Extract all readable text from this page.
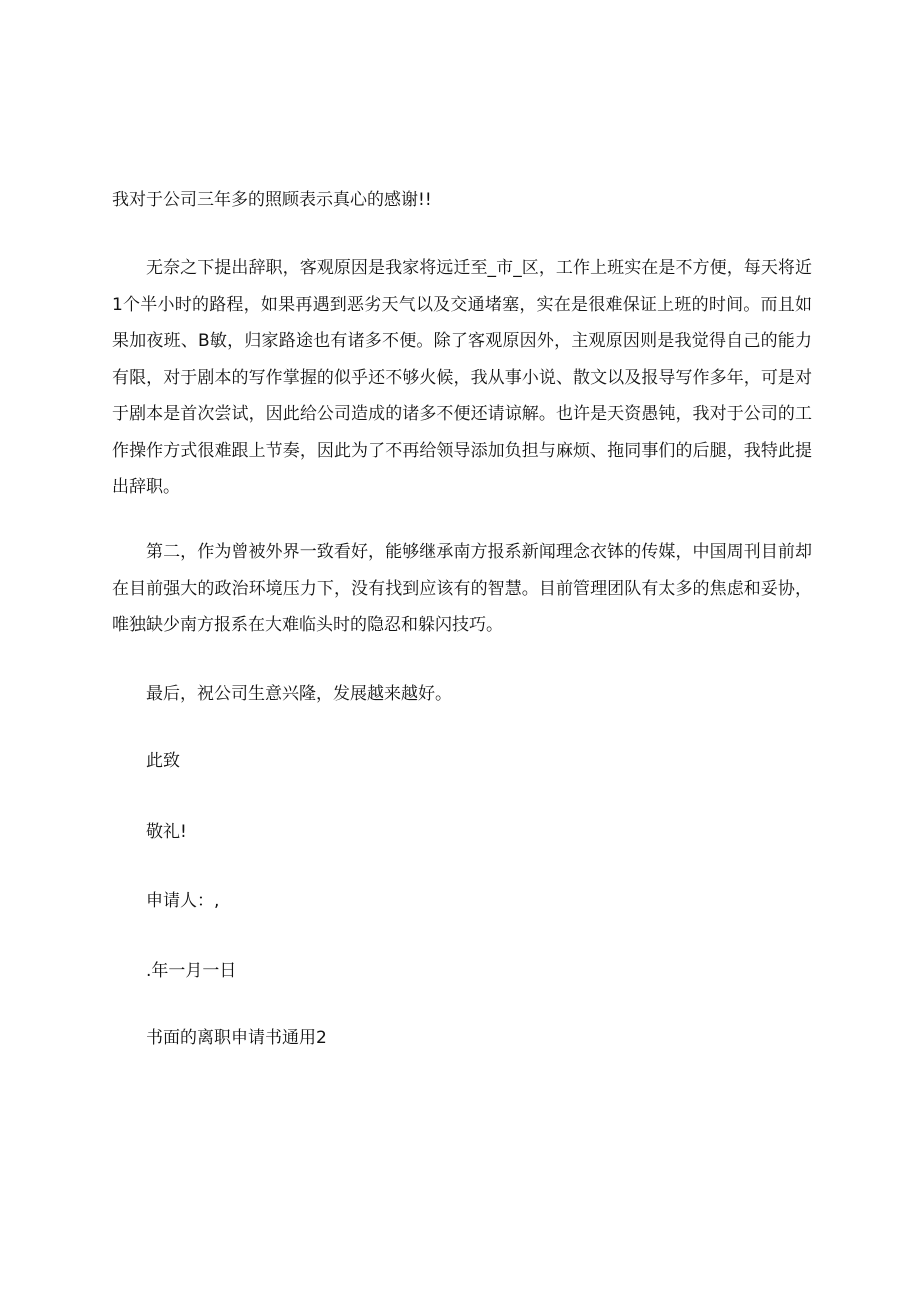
我对于公司三年多的照顾表示真心的感谢!!
无奈之下提出辞职，客观原因是我家将远迁至_市_区，工作上班实在是不方便，每天将近1个半小时的路程，如果再遇到恶劣天气以及交通堵塞，实在是很难保证上班的时间。而且如果加夜班、B敏，归家路途也有诸多不便。除了客观原因外，主观原因则是我觉得自己的能力有限，对于剧本的写作掌握的似乎还不够火候，我从事小说、散文以及报导写作多年，可是对于剧本是首次尝试，因此给公司造成的诸多不便还请谅解。也许是天资愚钝，我对于公司的工作操作方式很难跟上节奏，因此为了不再给领导添加负担与麻烦、拖同事们的后腿，我特此提出辞职。
第二，作为曾被外界一致看好，能够继承南方报系新闻理念衣钵的传媒，中国周刊目前却在目前强大的政治环境压力下，没有找到应该有的智慧。目前管理团队有太多的焦虑和妥协，唯独缺少南方报系在大难临头时的隐忍和躲闪技巧。
最后，祝公司生意兴隆，发展越来越好。
此致
敬礼!
申请人：,
.年一月一日
书面的离职申请书通用2
